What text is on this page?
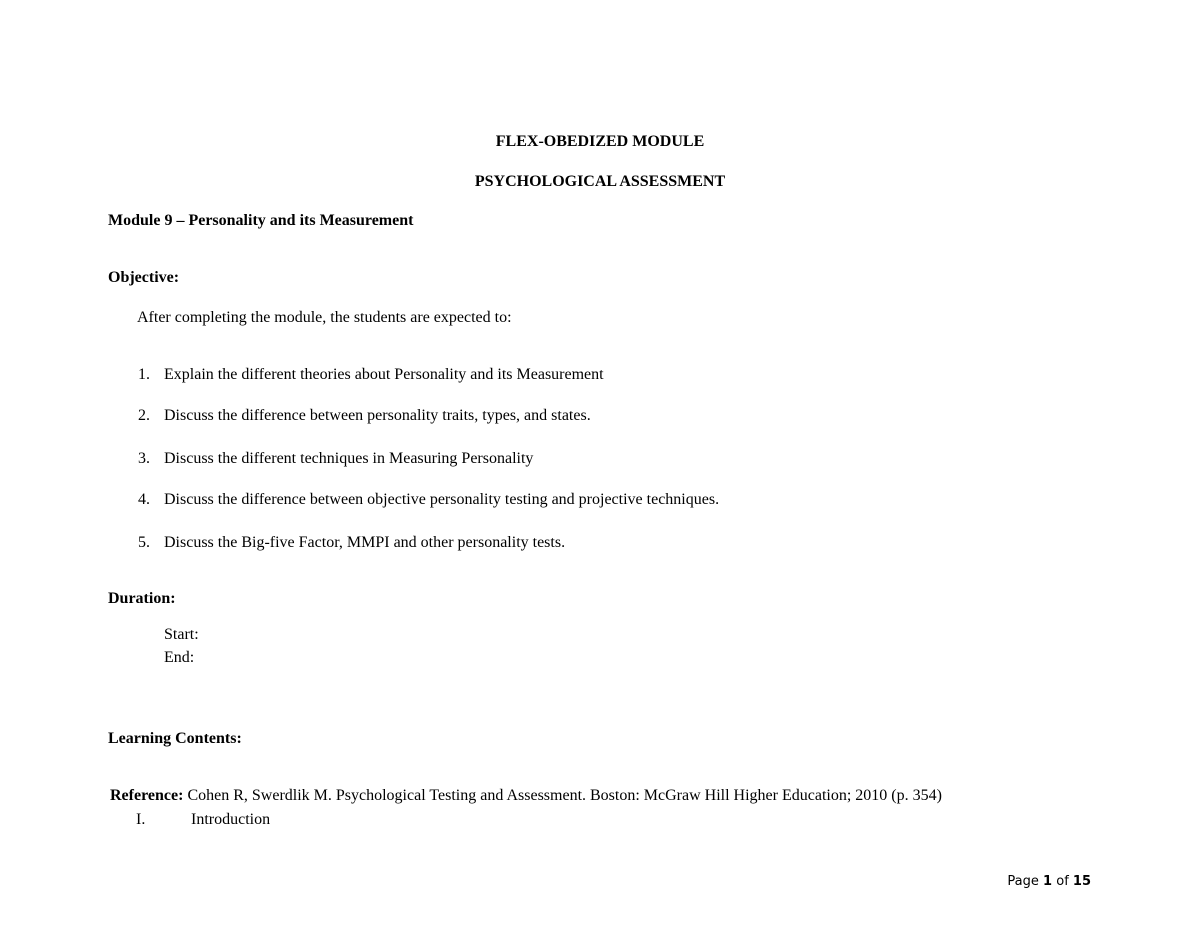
FLEX-OBEDIZED MODULE
PSYCHOLOGICAL ASSESSMENT
Module 9 – Personality and its Measurement
Objective:
After completing the module, the students are expected to:
1. Explain the different theories about Personality and its Measurement
2. Discuss the difference between personality traits, types, and states.
3. Discuss the different techniques in Measuring Personality
4. Discuss the difference between objective personality testing and projective techniques.
5. Discuss the Big-five Factor, MMPI and other personality tests.
Duration:
Start:
End:
Learning Contents:
Reference: Cohen R, Swerdlik M. Psychological Testing and Assessment. Boston: McGraw Hill Higher Education; 2010 (p. 354)
I.	Introduction
Page 1 of 15
